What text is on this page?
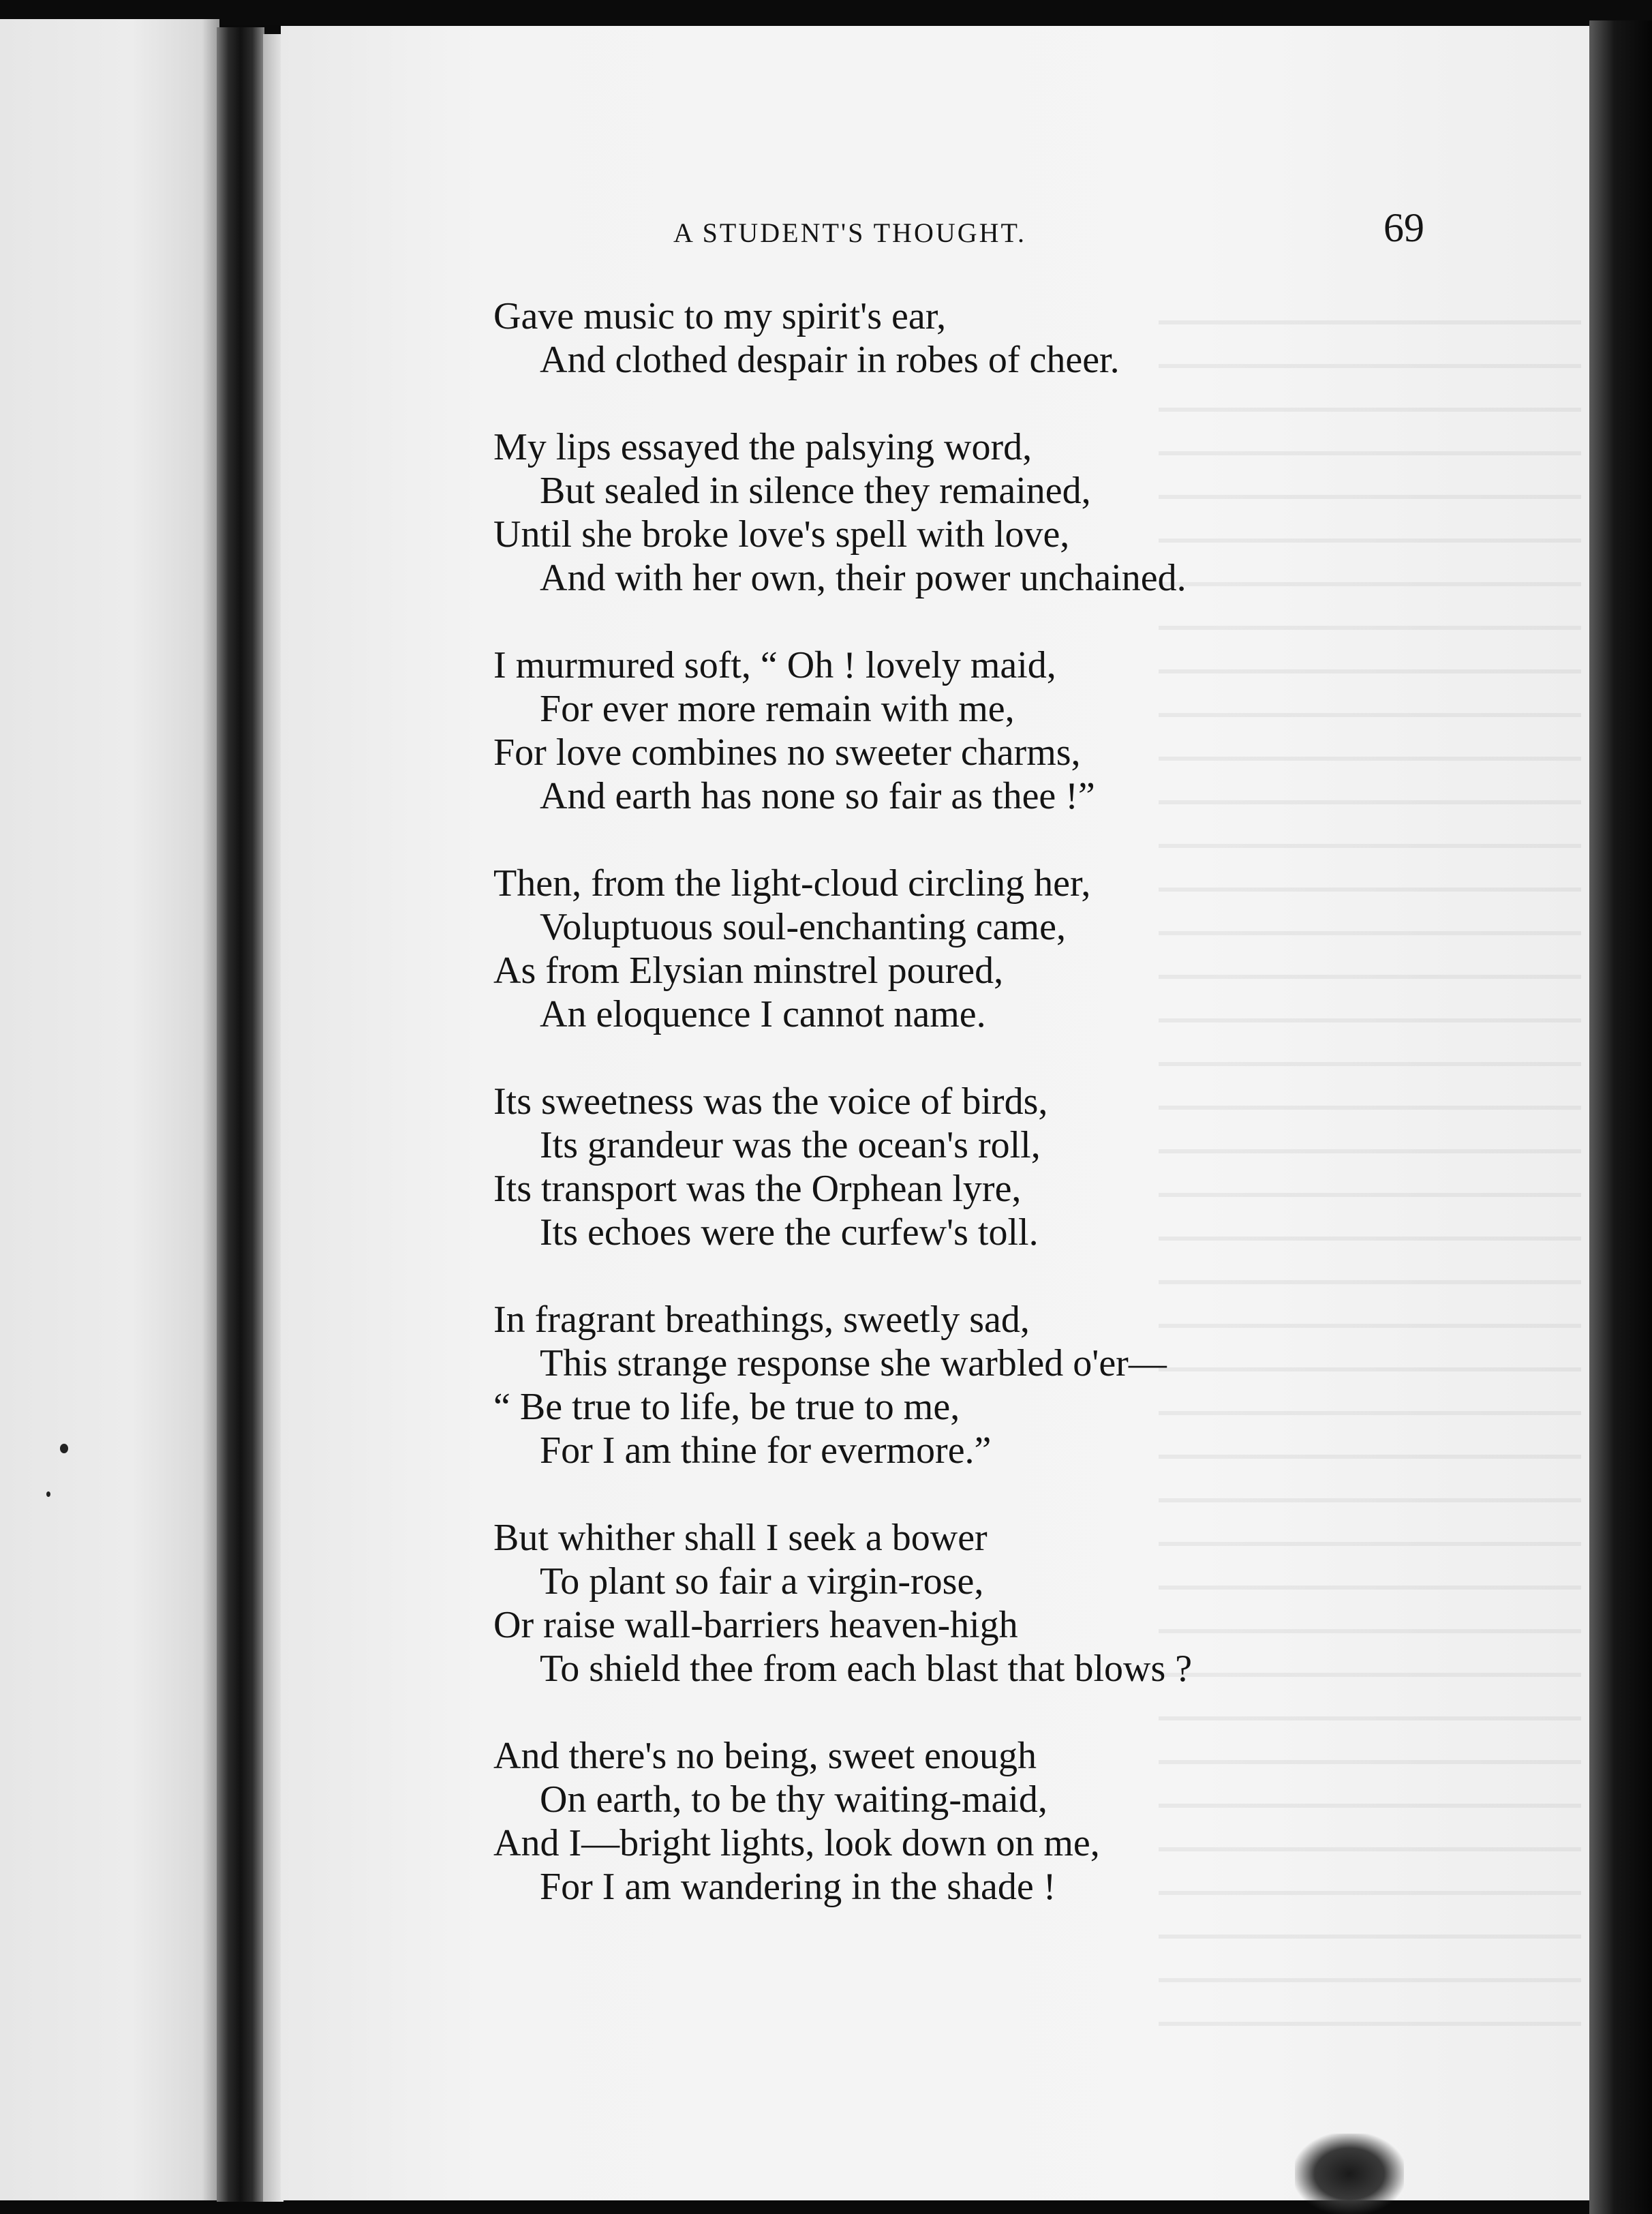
A STUDENT'S THOUGHT.	69
Gave music to my spirit's ear,
And clothed despair in robes of cheer.
My lips essayed the palsying word,
But sealed in silence they remained,
Until she broke love's spell with love,
And with her own, their power unchained.
I murmured soft, “ Oh ! lovely maid,
For ever more remain with me,
For love combines no sweeter charms,
And earth has none so fair as thee !”
Then, from the light-cloud circling her,
Voluptuous soul-enchanting came,
As from Elysian minstrel poured,
An eloquence I cannot name.
Its sweetness was the voice of birds,
Its grandeur was the ocean's roll,
Its transport was the Orphean lyre,
Its echoes were the curfew's toll.
In fragrant breathings, sweetly sad,
This strange response she warbled o'er—
“ Be true to life, be true to me,
For I am thine for evermore.”
But whither shall I seek a bower
To plant so fair a virgin-rose,
Or raise wall-barriers heaven-high
To shield thee from each blast that blows ?
And there's no being, sweet enough
On earth, to be thy waiting-maid,
And I—bright lights, look down on me,
For I am wandering in the shade !
